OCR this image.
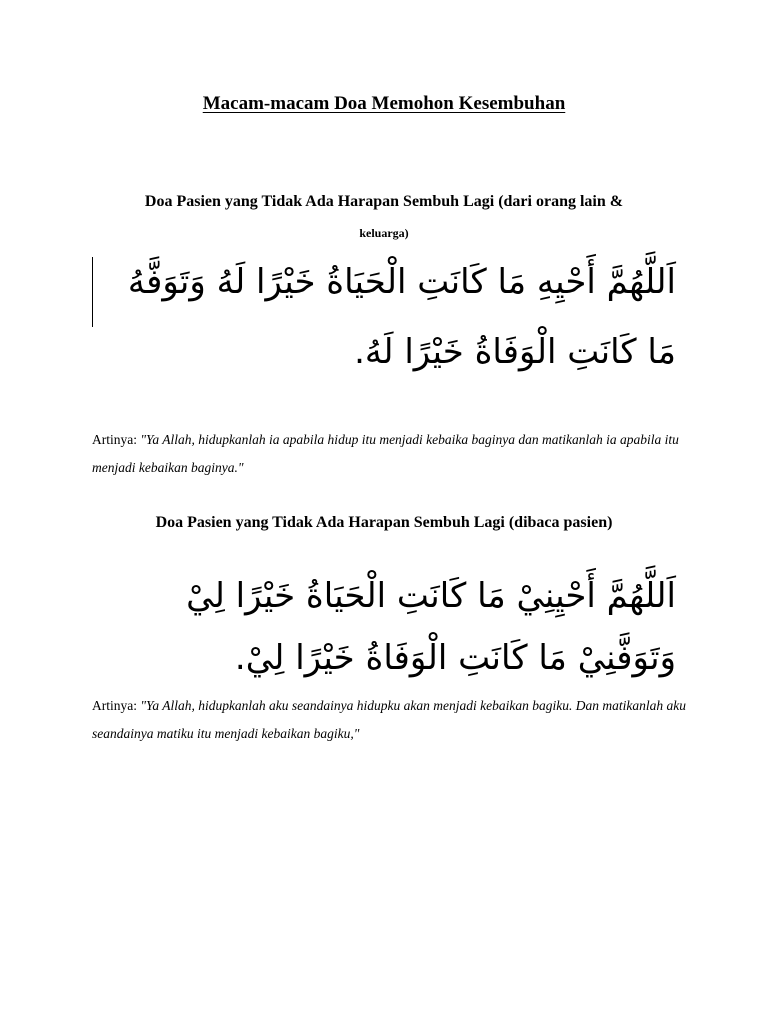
Macam-macam Doa Memohon Kesembuhan
Doa Pasien yang Tidak Ada Harapan Sembuh Lagi (dari orang lain &
keluarga)
اَللَّهُمَّ أَحْيِهِ مَا كَانَتِ الْحَيَاةُ خَيْرًا لَهُ وَتَوَفَّهُ
مَا كَانَتِ الْوَفَاةُ خَيْرًا لَهُ.
Artinya: "Ya Allah, hidupkanlah ia apabila hidup itu menjadi kebaika baginya dan matikanlah ia apabila itu menjadi kebaikan baginya."
Doa Pasien yang Tidak Ada Harapan Sembuh Lagi (dibaca pasien)
اَللَّهُمَّ أَحْيِنِيْ مَا كَانَتِ الْحَيَاةُ خَيْرًا لِيْ
وَتَوَفَّنِيْ مَا كَانَتِ الْوَفَاةُ خَيْرًا لِيْ.
Artinya: "Ya Allah, hidupkanlah aku seandainya hidupku akan menjadi kebaikan bagiku. Dan matikanlah aku seandainya matiku itu menjadi kebaikan bagiku,"
